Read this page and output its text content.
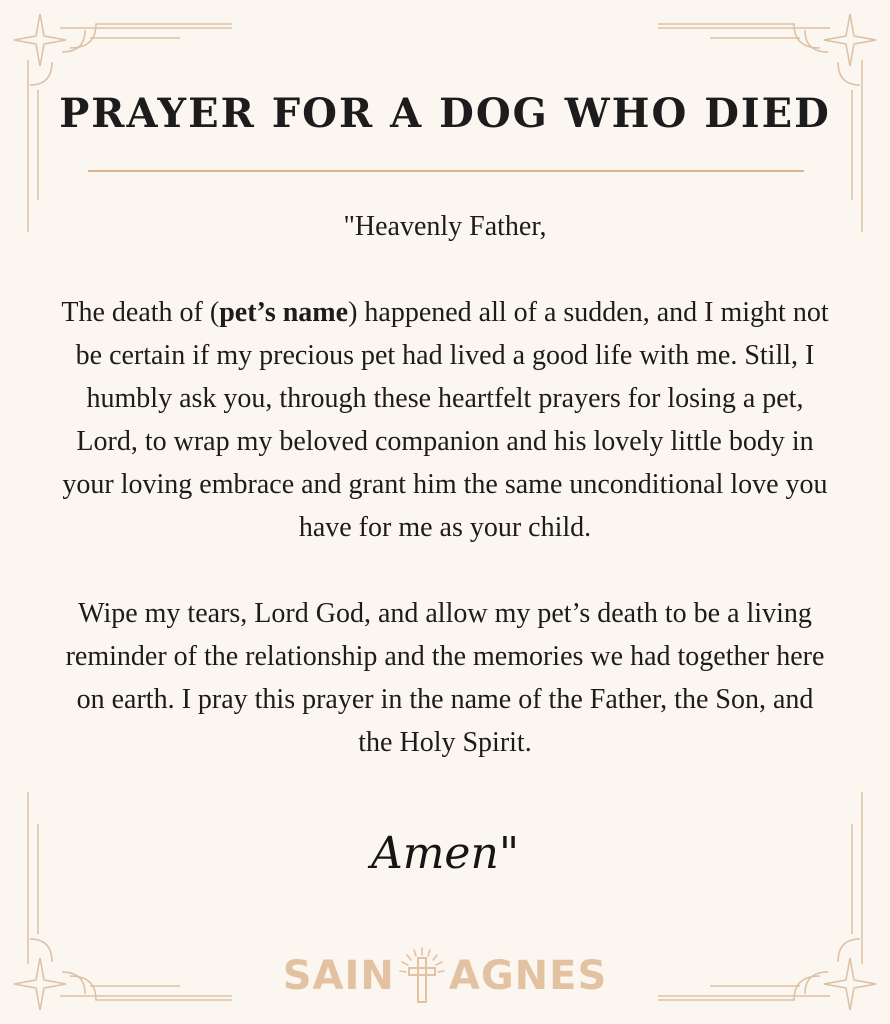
PRAYER FOR A DOG WHO DIED

"Heavenly Father,

The death of (pet’s name) happened all of a sudden, and I might not be certain if my precious pet had lived a good life with me. Still, I humbly ask you, through these heartfelt prayers for losing a pet, Lord, to wrap my beloved companion and his lovely little body in your loving embrace and grant him the same unconditional love you have for me as your child.

Wipe my tears, Lord God, and allow my pet’s death to be a living reminder of the relationship and the memories we had together here on earth. I pray this prayer in the name of the Father, the Son, and the Holy Spirit.

Amen"
SAIN AGNES
